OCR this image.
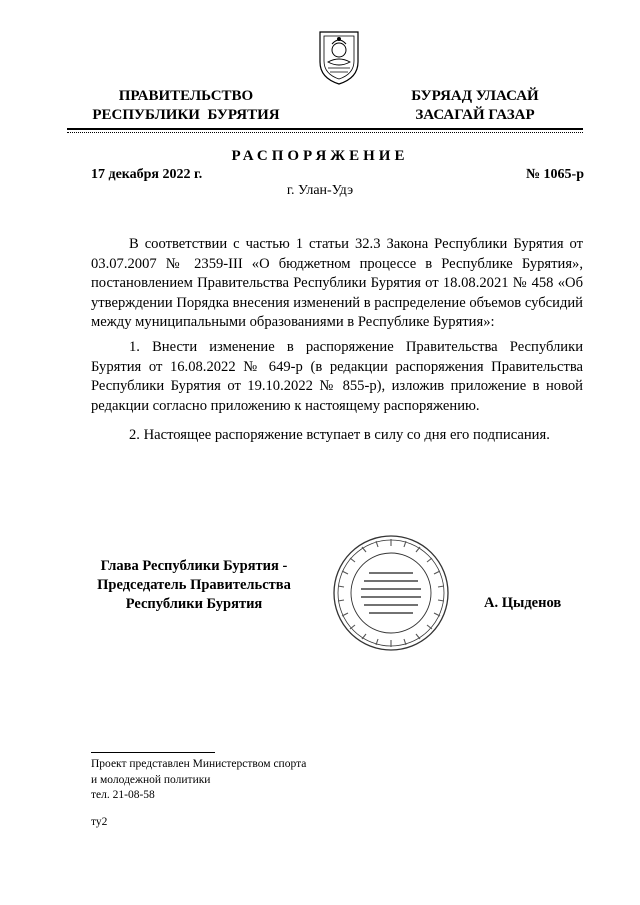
ПРАВИТЕЛЬСТВО
РЕСПУБЛИКИ  БУРЯТИЯ
БУРЯАД УЛАСАЙ
ЗАСАГАЙ ГАЗАР
РАСПОРЯЖЕНИЕ
17 декабря 2022 г.	№ 1065-р
г. Улан-Удэ
В соответствии с частью 1 статьи 32.3 Закона Республики Бурятия от 03.07.2007 № 2359-III «О бюджетном процессе в Республике Бурятия», постановлением Правительства Республики Бурятия от 18.08.2021 № 458 «Об утверждении Порядка внесения изменений в распределение объемов субсидий между муниципальными образованиями в Республике Бурятия»:
1. Внести изменение в распоряжение Правительства Республики Бурятия от 16.08.2022 № 649-р (в редакции распоряжения Правительства Республики Бурятия от 19.10.2022 № 855-р), изложив приложение в новой редакции согласно приложению к настоящему распоряжению.
2. Настоящее распоряжение вступает в силу со дня его подписания.
Глава Республики Бурятия -
Председатель Правительства
Республики Бурятия	А. Цыденов
Проект представлен Министерством спорта
и молодежной политики
тел. 21-08-58
ту2
